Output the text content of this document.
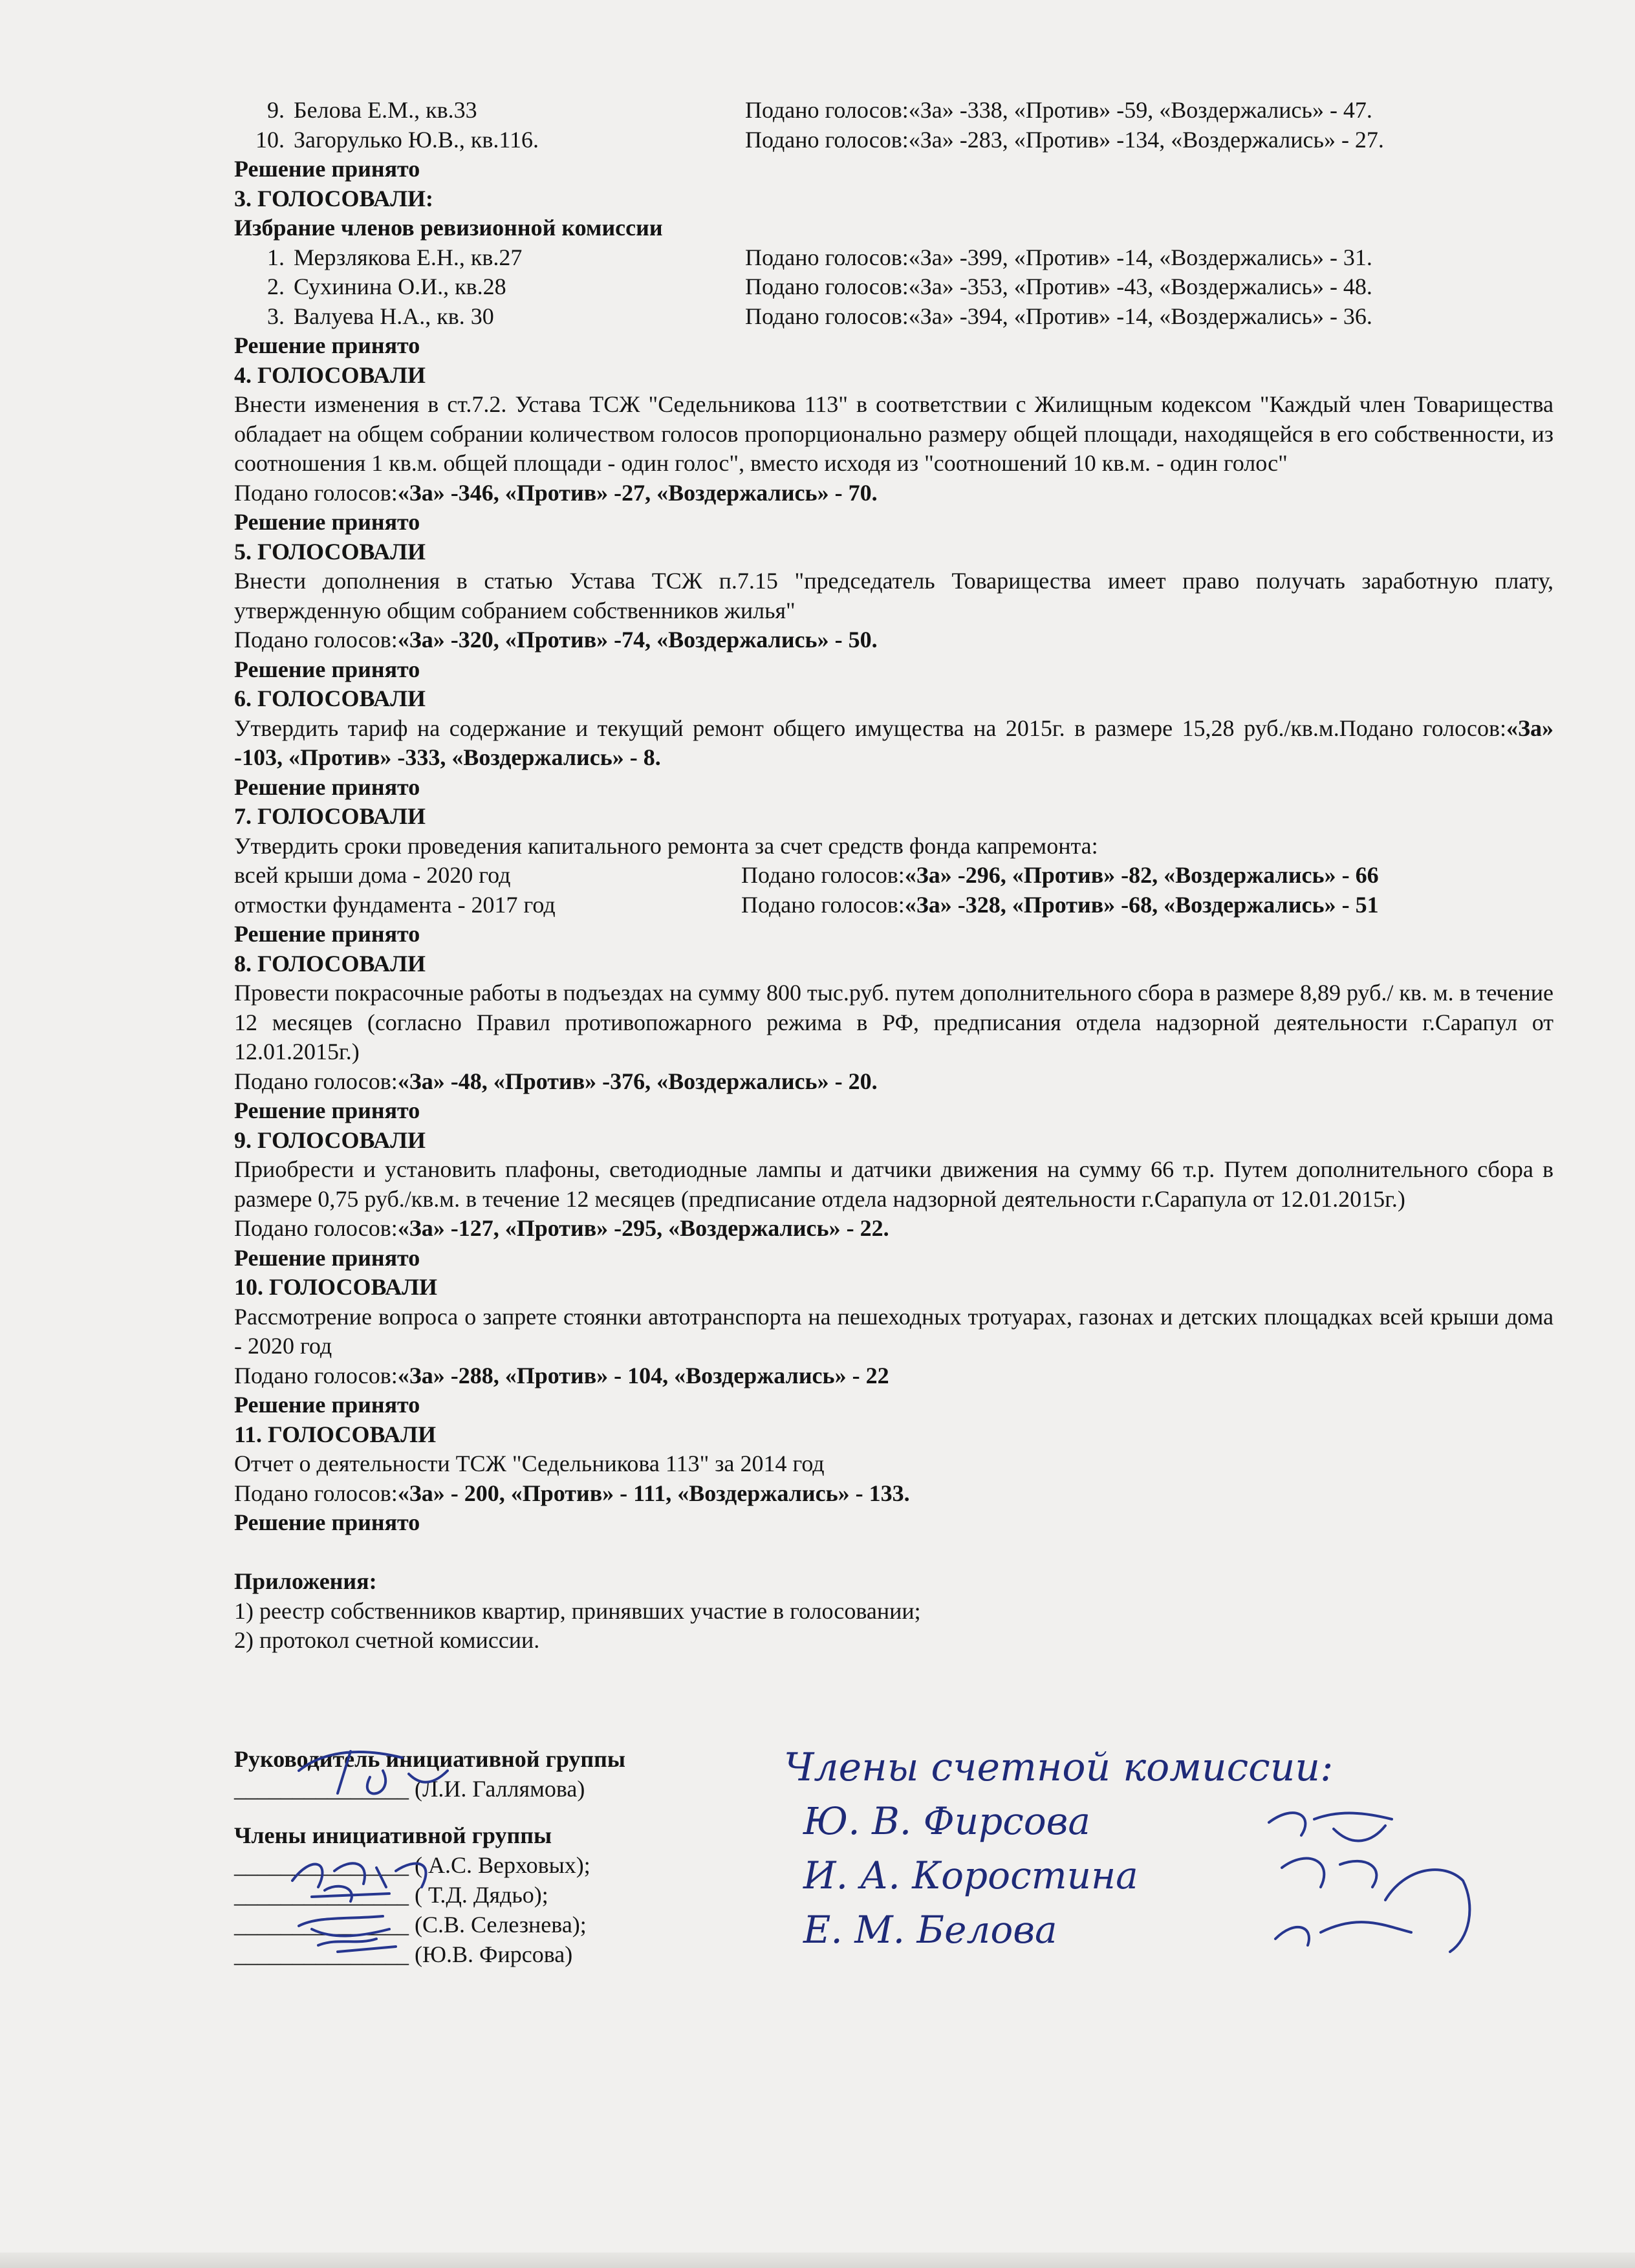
9. Белова Е.М., кв.33	Подано голосов:«За» -338, «Против» -59, «Воздержались» - 47.
10. Загорулько Ю.В., кв.116.	Подано голосов:«За» -283, «Против» -134, «Воздержались» - 27.
Решение принято
3. ГОЛОСОВАЛИ:
Избрание членов ревизионной комиссии
1. Мерзлякова Е.Н., кв.27	Подано голосов:«За» -399, «Против» -14, «Воздержались» - 31.
2. Сухинина О.И., кв.28	Подано голосов:«За» -353, «Против» -43, «Воздержались» - 48.
3. Валуева Н.А., кв. 30	Подано голосов:«За» -394, «Против» -14, «Воздержались» - 36.
Решение принято
4. ГОЛОСОВАЛИ
Внести изменения в ст.7.2. Устава ТСЖ "Седельникова 113" в соответствии с Жилищным кодексом "Каждый член Товарищества обладает на общем собрании количеством голосов пропорционально размеру общей площади, находящейся в его собственности, из соотношения 1 кв.м. общей площади - один голос", вместо исходя из "соотношений 10 кв.м. - один голос"
Подано голосов:«За» -346, «Против» -27, «Воздержались» - 70.
Решение принято
5. ГОЛОСОВАЛИ
Внести дополнения в статью Устава ТСЖ п.7.15 "председатель Товарищества имеет право получать заработную плату, утвержденную общим собранием собственников жилья"
Подано голосов:«За» -320, «Против» -74, «Воздержались» - 50.
Решение принято
6. ГОЛОСОВАЛИ
Утвердить тариф на содержание и текущий ремонт общего имущества на 2015г. в размере 15,28 руб./кв.м.Подано голосов:«За» -103, «Против» -333, «Воздержались» - 8.
Решение принято
7. ГОЛОСОВАЛИ
Утвердить сроки проведения капитального ремонта за счет средств фонда капремонта:
всей крыши дома - 2020 год	Подано голосов: «За» -296, «Против» -82, «Воздержались» - 66
отмостки фундамента - 2017 год	Подано голосов: «За» -328, «Против» -68, «Воздержались» - 51
Решение принято
8. ГОЛОСОВАЛИ
Провести покрасочные работы в подъездах на сумму 800 тыс.руб. путем дополнительного сбора в размере 8,89 руб./ кв. м. в течение 12 месяцев (согласно Правил противопожарного режима в РФ, предписания отдела надзорной деятельности г.Сарапул от 12.01.2015г.)
Подано голосов:«За» -48, «Против» -376, «Воздержались» - 20.
Решение принято
9. ГОЛОСОВАЛИ
Приобрести и установить плафоны, светодиодные лампы и датчики движения на сумму 66 т.р. Путем дополнительного сбора в размере 0,75 руб./кв.м. в течение 12 месяцев (предписание отдела надзорной деятельности г.Сарапула от 12.01.2015г.)
Подано голосов:«За» -127, «Против» -295, «Воздержались» - 22.
Решение принято
10. ГОЛОСОВАЛИ
Рассмотрение вопроса о запрете стоянки автотранспорта на пешеходных тротуарах, газонах и детских площадках всей крыши дома - 2020 год
Подано голосов:«За» -288, «Против» - 104, «Воздержались» - 22
Решение принято
11. ГОЛОСОВАЛИ
Отчет о деятельности ТСЖ "Седельникова 113" за 2014 год
Подано голосов:«За» - 200, «Против» - 111, «Воздержались» - 133.
Решение принято
Приложения:
1) реестр собственников квартир, принявших участие в голосовании;
2) протокол счетной комиссии.
Руководитель инициативной группы
_______________ (Л.И. Галлямова)
Члены инициативной группы
_______________ ( А.С. Верховых);
_______________ ( Т.Д. Дядьо);
_______________ (С.В. Селезнева);
_______________ (Ю.В. Фирсова)
Члены счетной комиссии:
Ю. В. Фирсова
И. А. Коростина
Е. М. Белова
